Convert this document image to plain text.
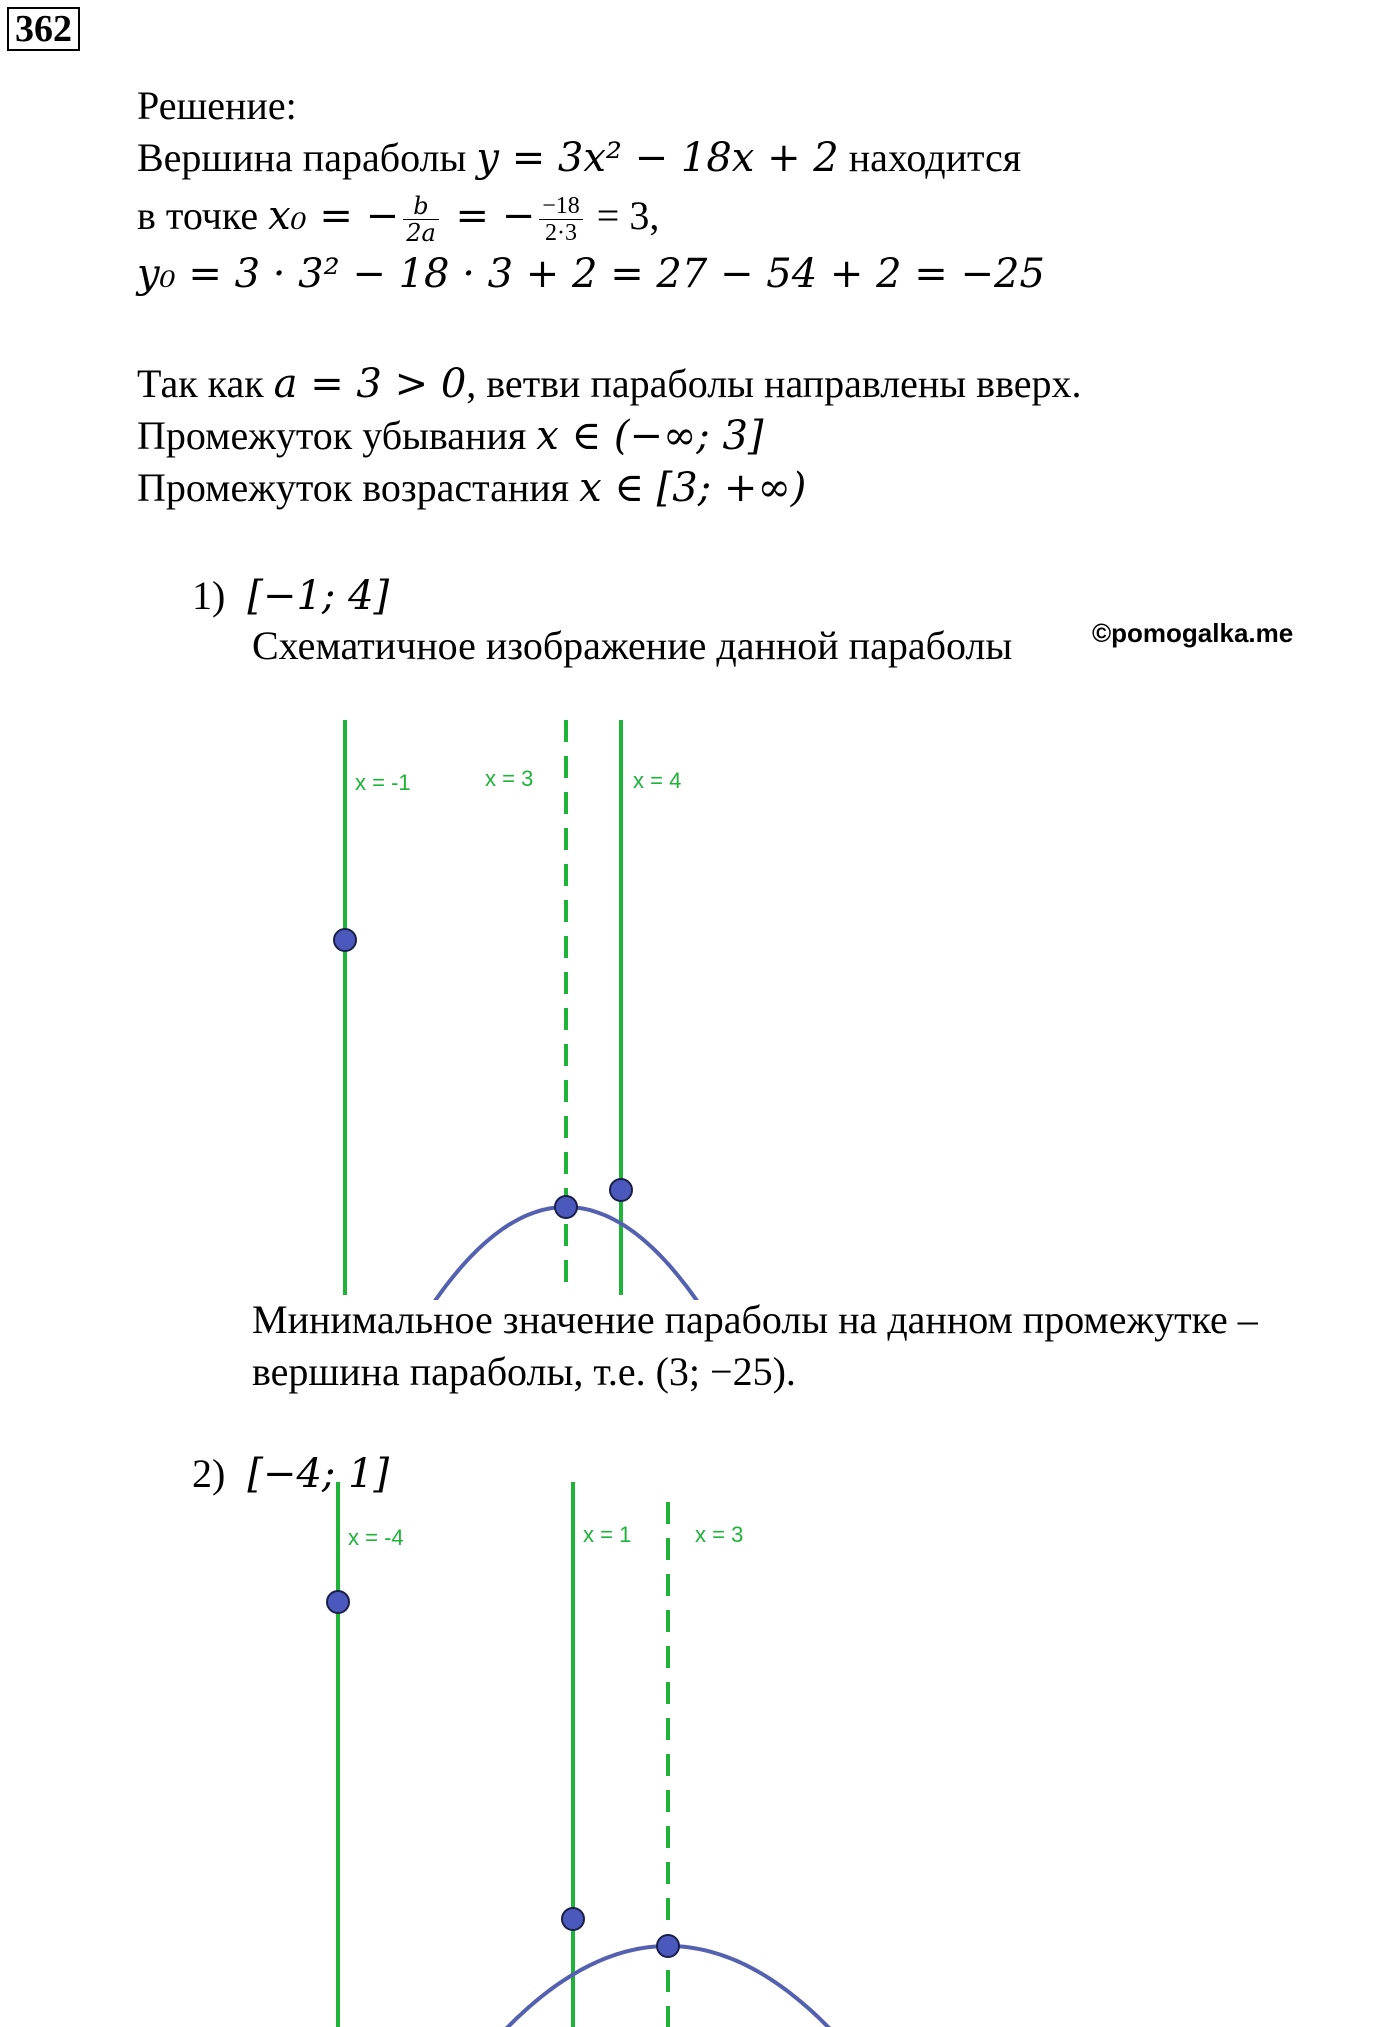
362
Решение:
Вершина параболы y = 3x² − 18x + 2 находится
в точке x₀ = − $\frac{b}{2a}$ = − $\frac{-18}{2\cdot 3} = 3$,
y₀ = 3 · 3² − 18 · 3 + 2 = 27 − 54 + 2 = −25
Так как a = 3 > 0, ветви параболы направлены вверх.
Промежуток убывания x ∈ (−∞; 3]
Промежуток возрастания x ∈ [3; +∞)
1) [−1; 4]
Схематичное изображение данной параболы	©pomogalka.me
x = -1	x = 3	x = 4
Минимальное значение параболы на данном промежутке –
вершина параболы, т.е. (3; −25).
2) [−4; 1]
x = -4	x = 1	x = 3
